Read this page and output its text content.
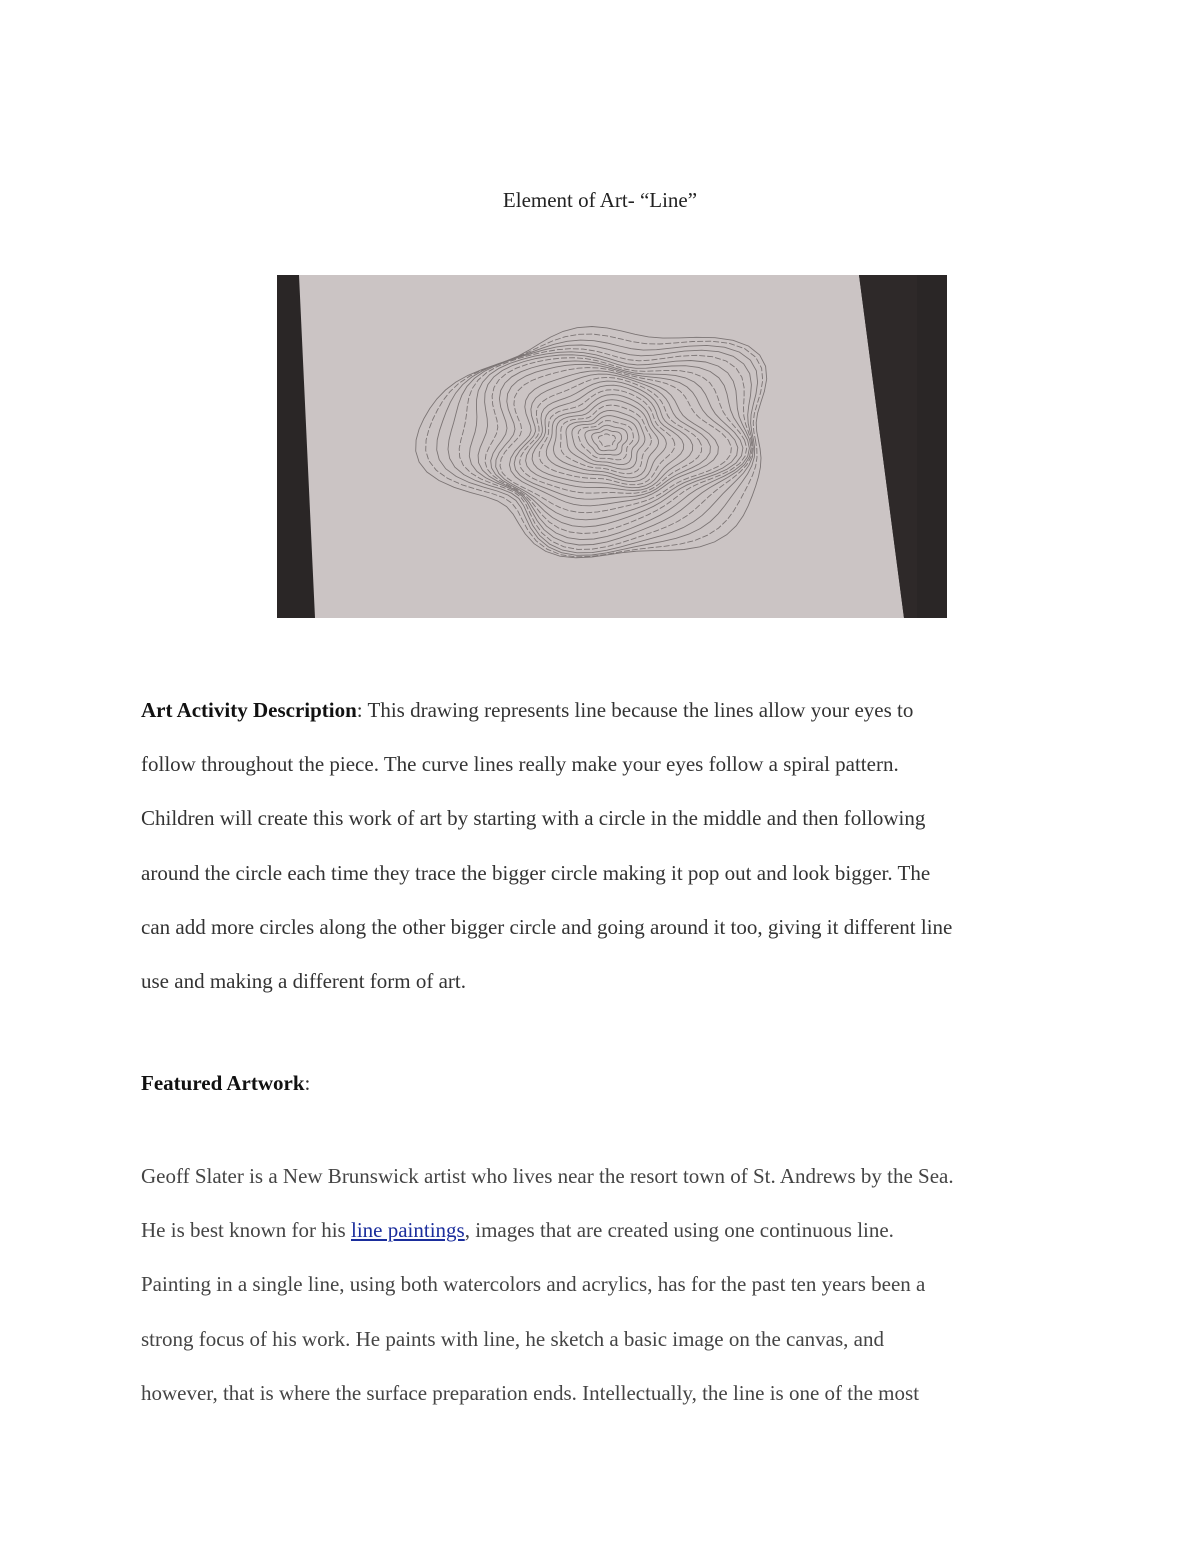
Element of Art- “Line”
Art Activity Description: This drawing represents line because the lines allow your eyes to
follow throughout the piece. The curve lines really make your eyes follow a spiral pattern.
Children will create this work of art by starting with a circle in the middle and then following
around the circle each time they trace the bigger circle making it pop out and look bigger. The
can add more circles along the other bigger circle and going around it too, giving it different line
use and making a different form of art.
Featured Artwork:
Geoff Slater is a New Brunswick artist who lives near the resort town of St. Andrews by the Sea.
He is best known for his line paintings, images that are created using one continuous line.
Painting in a single line, using both watercolors and acrylics, has for the past ten years been a
strong focus of his work. He paints with line, he sketch a basic image on the canvas, and
however, that is where the surface preparation ends. Intellectually, the line is one of the most
